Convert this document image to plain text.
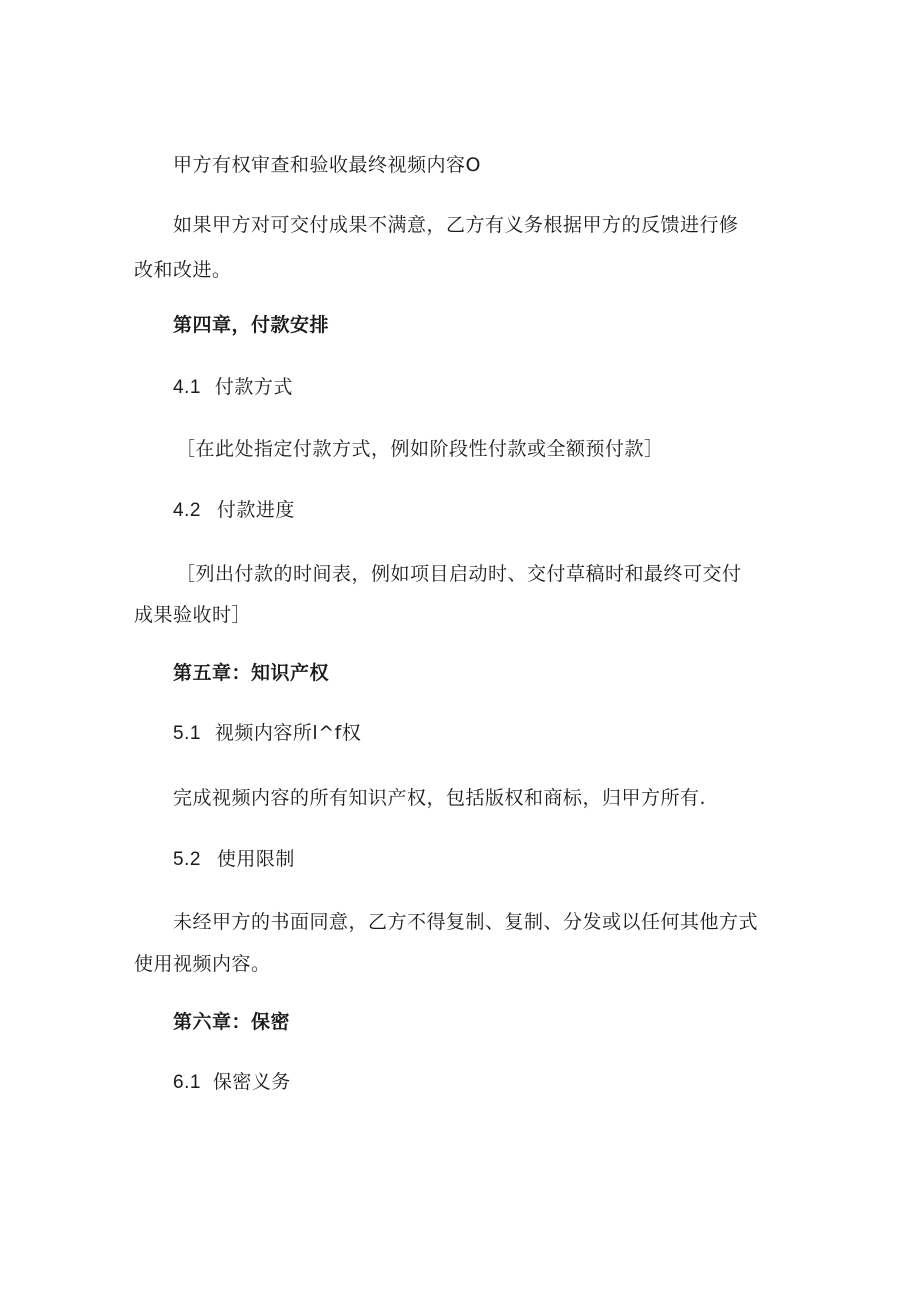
甲方有权审查和验收最终视频内容O
如果甲方对可交付成果不满意，乙方有义务根据甲方的反馈进行修
改和改进。
第四章，付款安排
4.1 付款方式
［在此处指定付款方式，例如阶段性付款或全额预付款］
4.2 付款进度
［列出付款的时间表，例如项目启动时、交付草稿时和最终可交付
成果验收时］
第五章：知识产权
5.1 视频内容所l^f权
完成视频内容的所有知识产权，包括版权和商标，归甲方所有.
5.2 使用限制
未经甲方的书面同意，乙方不得复制、复制、分发或以任何其他方式
使用视频内容。
第六章：保密
6.1 保密义务
